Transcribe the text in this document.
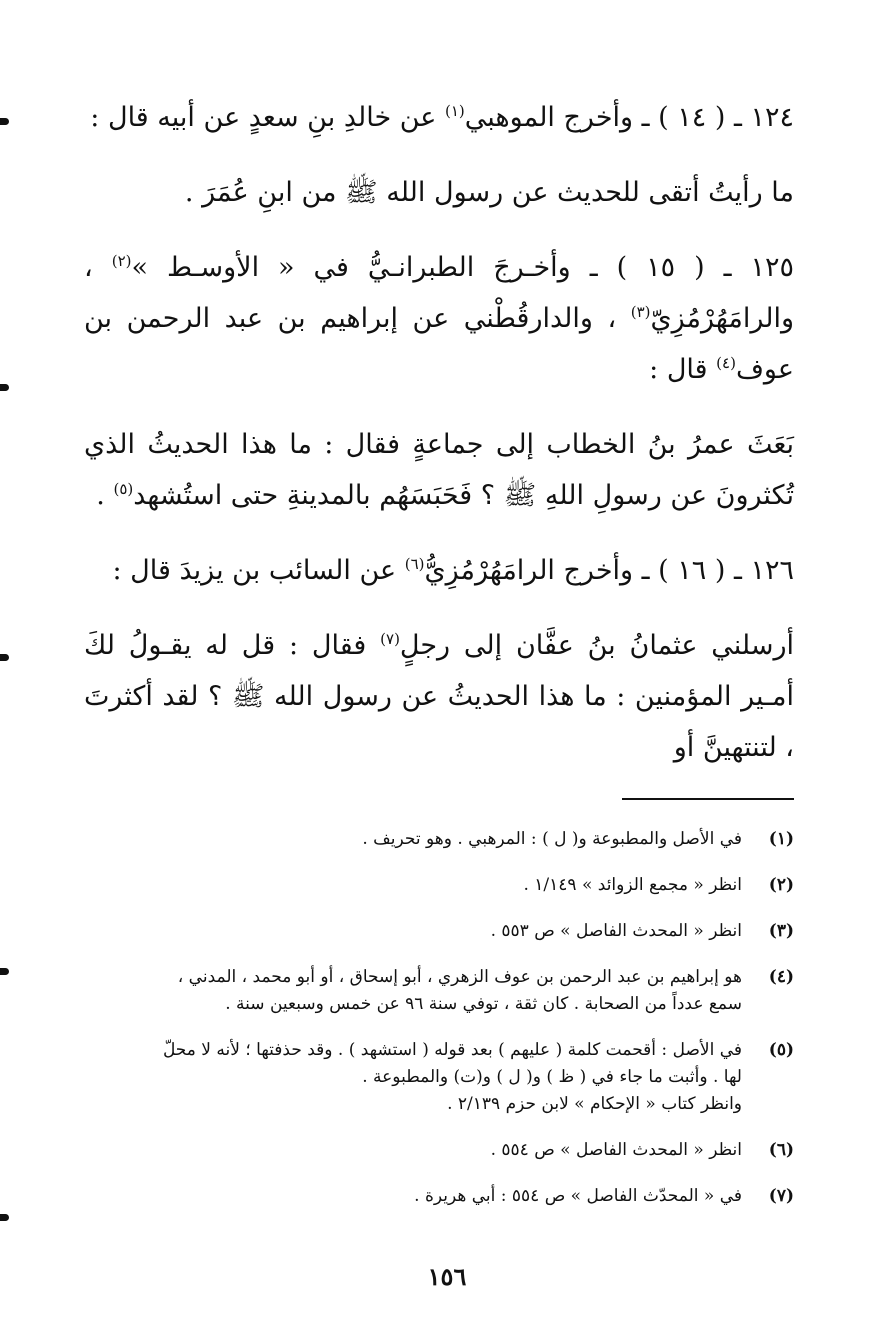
١٢٤ ـ ( ١٤ ) ـ وأخرج الموهبي$^{(١)}$ عن خالدِ بنِ سعدٍ عن أبيه قال :

ما رأيتُ أتقى للحديث عن رسول الله ﷺ من ابنِ عُمَرَ .

١٢٥ ـ ( ١٥ ) ـ وأخـرجَ الطبرانـيُّ في « الأوسـط »$^{(٢)}$ ، والرامَهُرْمُزِيّ$^{(٣)}$ ، والدارقُطْني عن إبراهيم بن عبد الرحمن بن عوف$^{(٤)}$ قال :

بَعَثَ عمرُ بنُ الخطاب إلى جماعةٍ فقال : ما هذا الحديثُ الذي تُكثرونَ عن رسولِ اللهِ ﷺ ؟ فَحَبَسَهُم بالمدينةِ حتى استُشهد$^{(٥)}$ .

١٢٦ ـ ( ١٦ ) ـ وأخرج الرامَهُرْمُزِيُّ$^{(٦)}$ عن السائب بن يزيدَ قال :

أرسلني عثمانُ بنُ عفَّان إلى رجلٍ$^{(٧)}$ فقال : قل له يقـولُ لكَ أمـير المؤمنين : ما هذا الحديثُ عن رسول الله ﷺ ؟ لقد أكثرتَ ، لتنتهينَّ أو

(١)
في الأصل والمطبوعة و( ل ) : المرهبي . وهو تحريف .
(٢)
انظر « مجمع الزوائد » ١/١٤٩ .
(٣)
انظر « المحدث الفاصل » ص ٥٥٣ .
(٤)
هو إبراهيم بن عبد الرحمن بن عوف الزهري ، أبو إسحاق ، أو أبو محمد ، المدني ،
سمع عدداً من الصحابة . كان ثقة ، توفي سنة ٩٦ عن خمس وسبعين سنة .
(٥)
في الأصل : أقحمت كلمة ( عليهم ) بعد قوله ( استشهد ) . وقد حذفتها ؛ لأنه لا محلّ
لها . وأثبت ما جاء في ( ظ ) و( ل ) و(ت) والمطبوعة .
وانظر كتاب « الإحكام » لابن حزم ٢/١٣٩ .
(٦)
انظر « المحدث الفاصل » ص ٥٥٤ .
(٧)
في « المحدّث الفاصل » ص ٥٥٤ : أبي هريرة .
١٥٦
